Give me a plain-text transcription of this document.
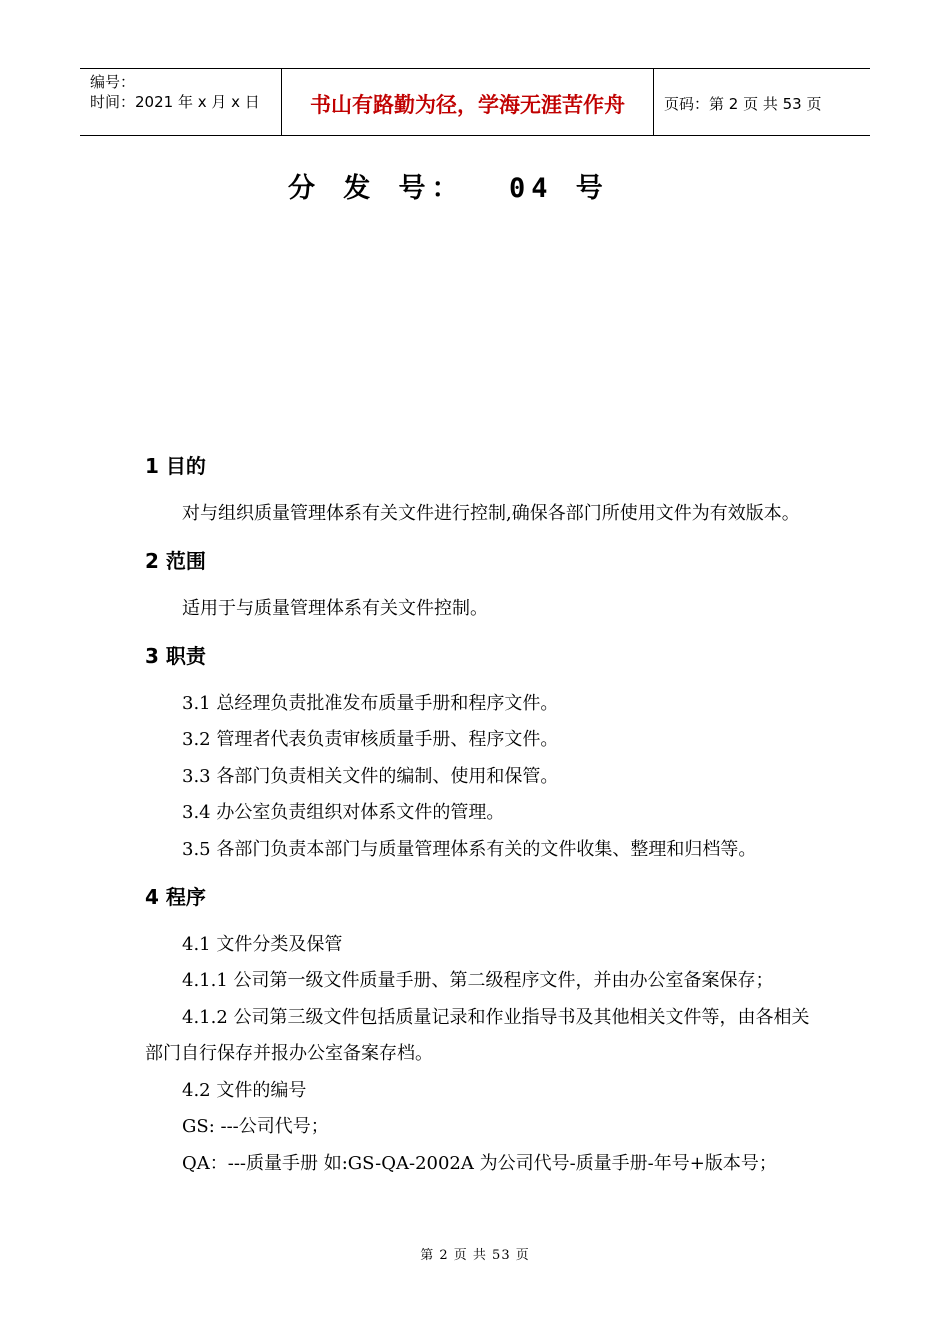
编号：
时间：2021 年 x 月 x 日	书山有路勤为径，学海无涯苦作舟	页码：第 2 页 共 53 页
分 发 号：  04 号
1 目的
对与组织质量管理体系有关文件进行控制,确保各部门所使用文件为有效版本。
2 范围
适用于与质量管理体系有关文件控制。
3 职责
3.1 总经理负责批准发布质量手册和程序文件。
3.2 管理者代表负责审核质量手册、程序文件。
3.3 各部门负责相关文件的编制、使用和保管。
3.4 办公室负责组织对体系文件的管理。
3.5 各部门负责本部门与质量管理体系有关的文件收集、整理和归档等。
4 程序
4.1 文件分类及保管
4.1.1 公司第一级文件质量手册、第二级程序文件，并由办公室备案保存；
4.1.2 公司第三级文件包括质量记录和作业指导书及其他相关文件等，由各相关部门自行保存并报办公室备案存档。
4.2 文件的编号
GS: ---公司代号；
QA：---质量手册 如:GS-QA-2002A 为公司代号-质量手册-年号+版本号；
第 2 页 共 53 页
